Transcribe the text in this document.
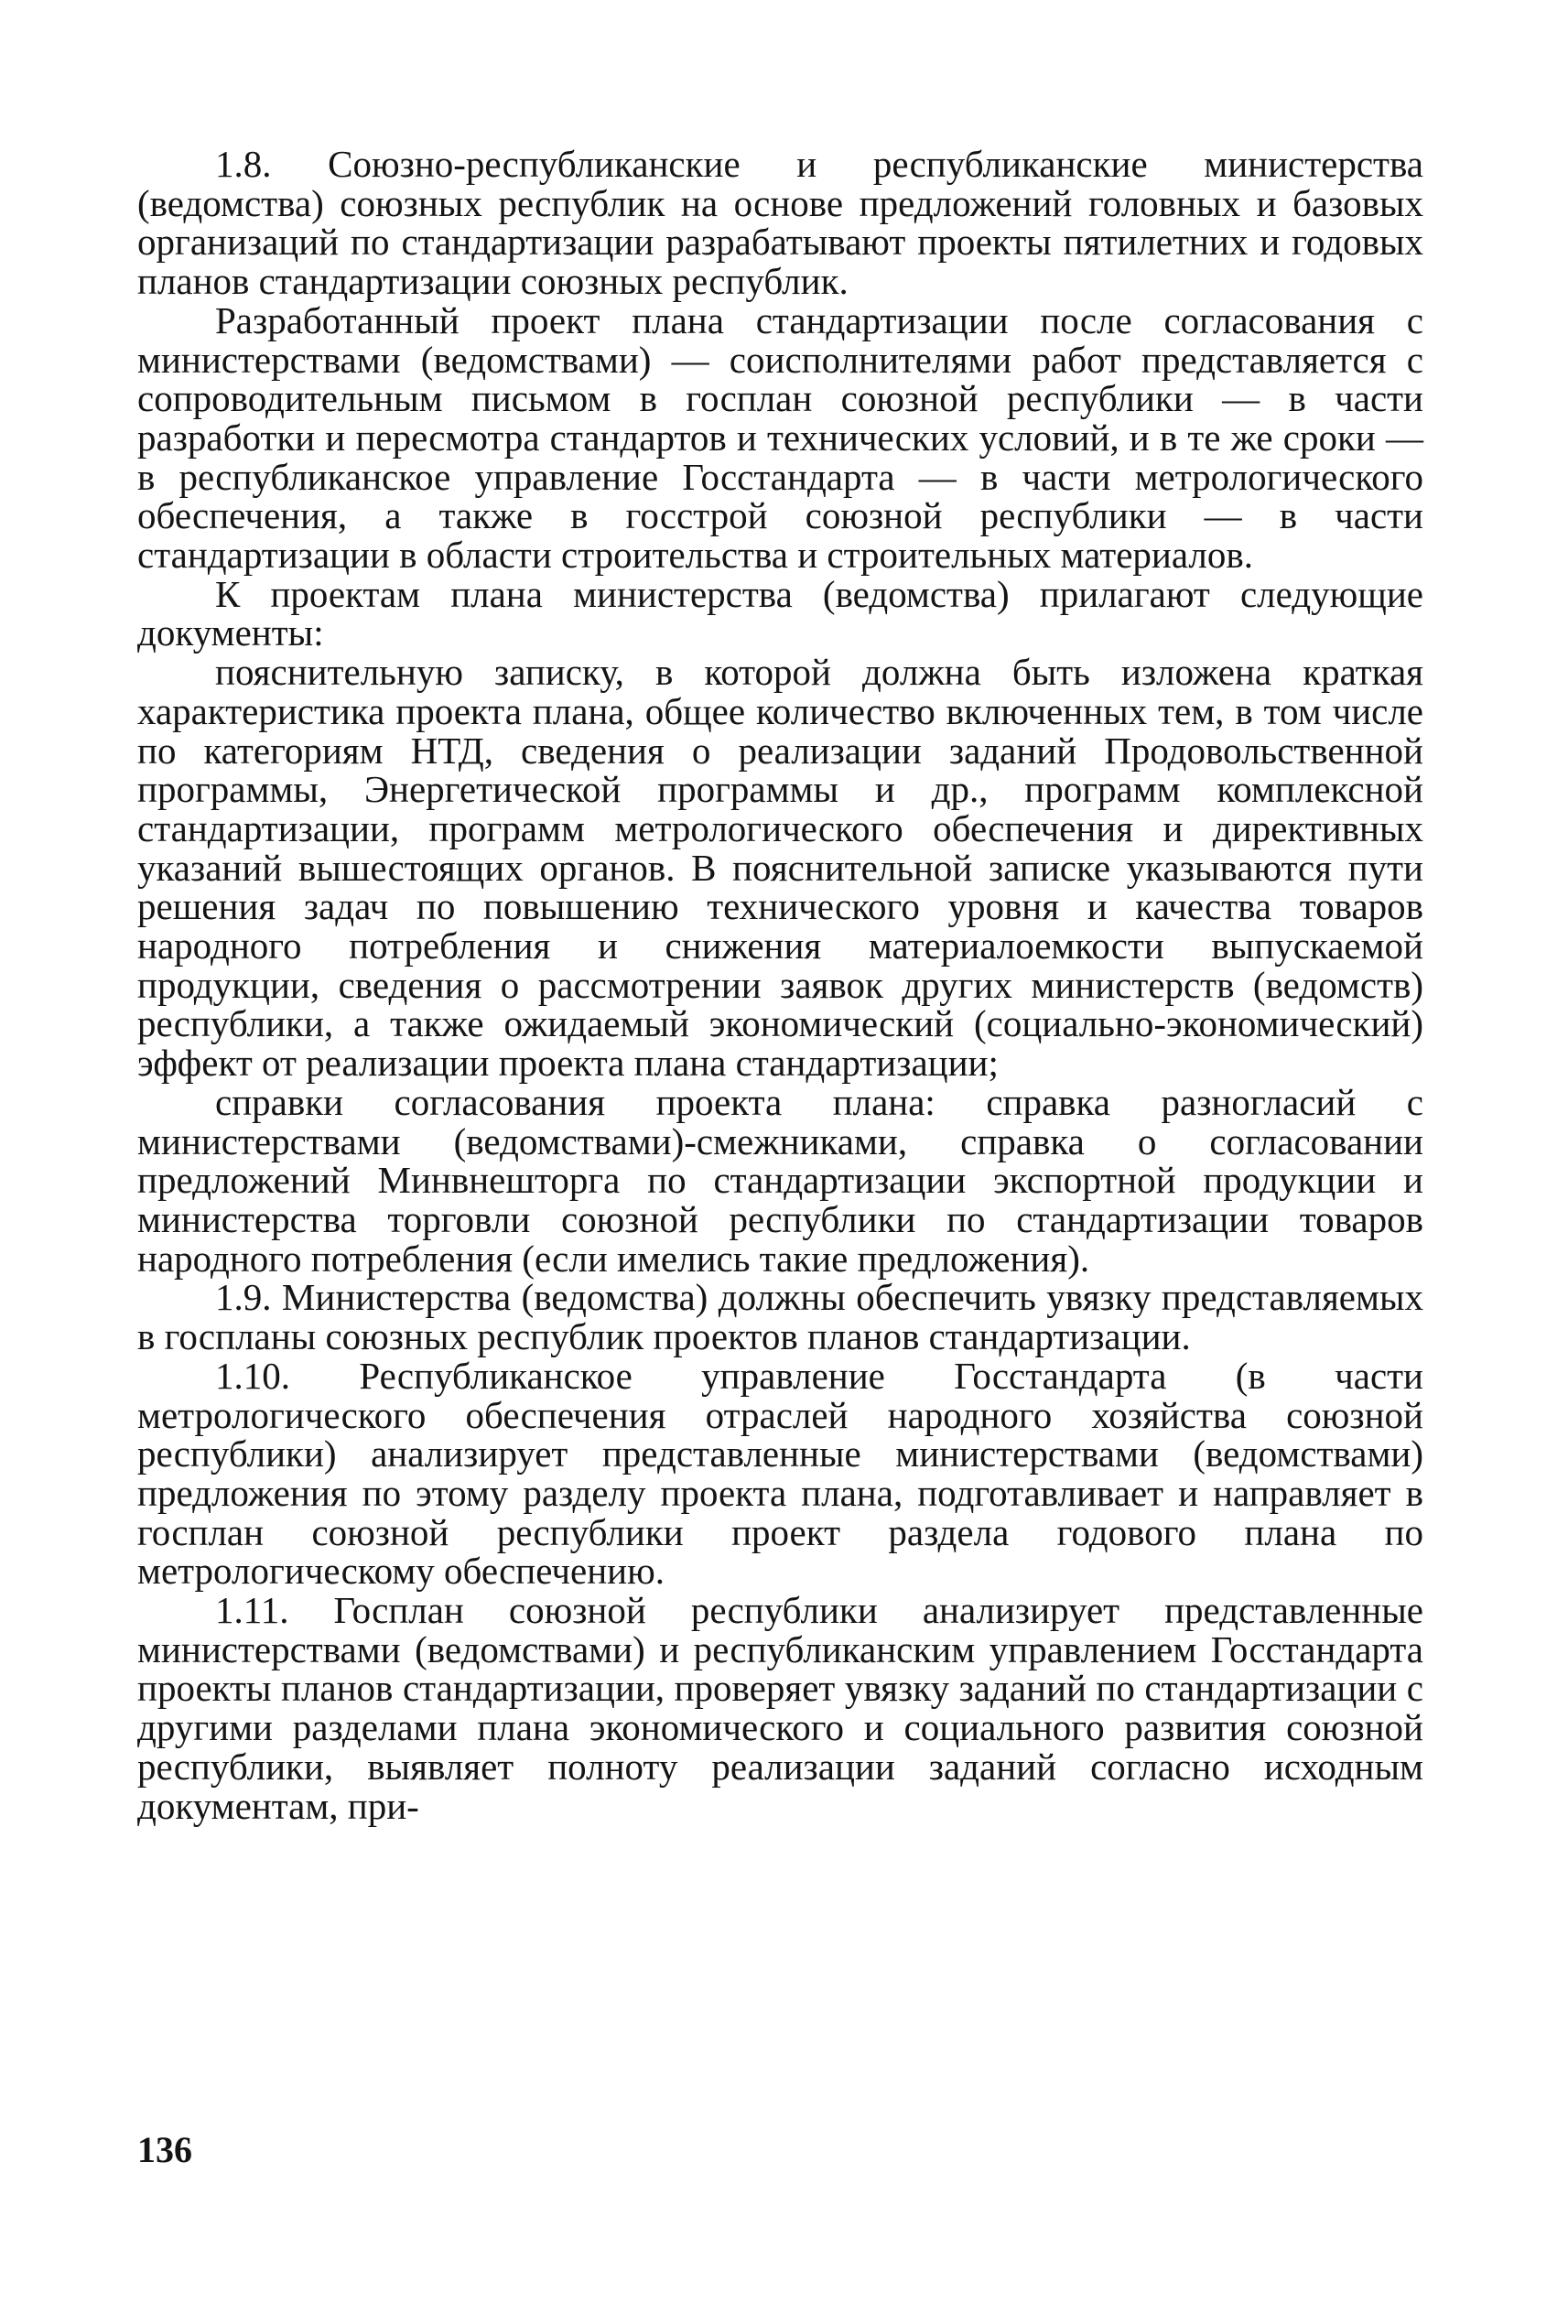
1.8. Союзно-республиканские и республиканские министерства (ведомства) союзных республик на основе предложений головных и базовых организаций по стандартизации разрабатывают проекты пятилетних и годовых планов стандартизации союзных республик.

Разработанный проект плана стандартизации после согласования с министерствами (ведомствами) — соисполнителями работ представляется с сопроводительным письмом в госплан союзной республики — в части разработки и пересмотра стандартов и технических условий, и в те же сроки — в республиканское управление Госстандарта — в части метрологического обеспечения, а также в госстрой союзной республики — в части стандартизации в области строительства и строительных материалов.

К проектам плана министерства (ведомства) прилагают следующие документы:

пояснительную записку, в которой должна быть изложена краткая характеристика проекта плана, общее количество включенных тем, в том числе по категориям НТД, сведения о реализации заданий Продовольственной программы, Энергетической программы и др., программ комплексной стандартизации, программ метрологического обеспечения и директивных указаний вышестоящих органов. В пояснительной записке указываются пути решения задач по повышению технического уровня и качества товаров народного потребления и снижения материалоемкости выпускаемой продукции, сведения о рассмотрении заявок других министерств (ведомств) республики, а также ожидаемый экономический (социально-экономический) эффект от реализации проекта плана стандартизации;

справки согласования проекта плана: справка разногласий с министерствами (ведомствами)-смежниками, справка о согласовании предложений Минвнешторга по стандартизации экспортной продукции и министерства торговли союзной республики по стандартизации товаров народного потребления (если имелись такие предложения).

1.9. Министерства (ведомства) должны обеспечить увязку представляемых в госпланы союзных республик проектов планов стандартизации.

1.10. Республиканское управление Госстандарта (в части метрологического обеспечения отраслей народного хозяйства союзной республики) анализирует представленные министерствами (ведомствами) предложения по этому разделу проекта плана, подготавливает и направляет в госплан союзной республики проект раздела годового плана по метрологическому обеспечению.

1.11. Госплан союзной республики анализирует представленные министерствами (ведомствами) и республиканским управлением Госстандарта проекты планов стандартизации, проверяет увязку заданий по стандартизации с другими разделами плана экономического и социального развития союзной республики, выявляет полноту реализации заданий согласно исходным документам, при-

136
